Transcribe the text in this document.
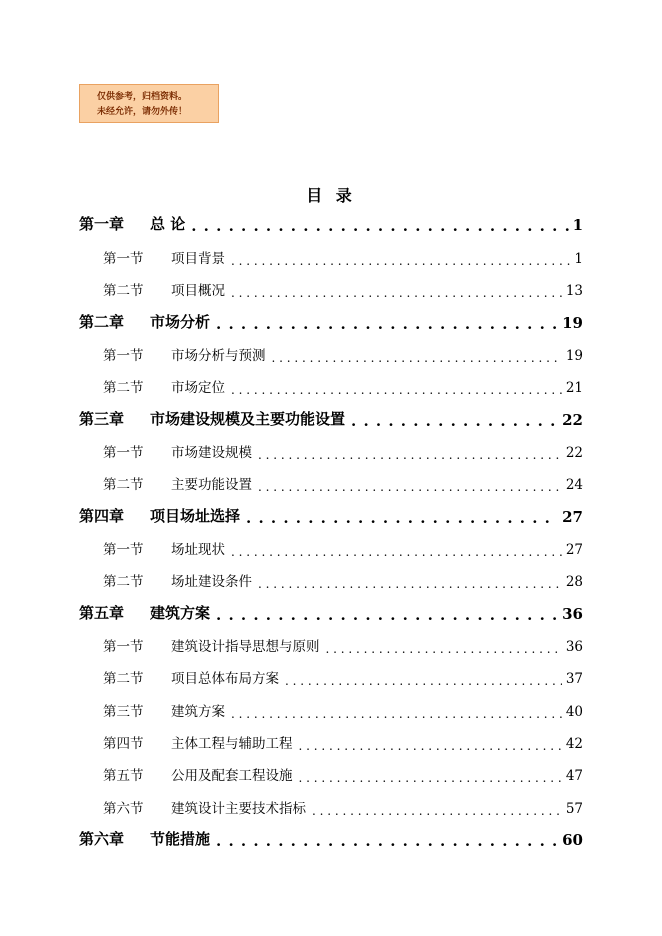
仅供参考，归档资料。
未经允许，请勿外传！
目 录
第一章 总 论 . . .	1
第一节 项目背景 . . .	1
第二节 项目概况 . . .	13
第二章 市场分析 . . .	19
第一节 市场分析与预测 . . .	19
第二节 市场定位 . . .	21
第三章 市场建设规模及主要功能设置 . . .	22
第一节 市场建设规模 . . .	22
第二节 主要功能设置 . . .	24
第四章 项目场址选择 . . .	27
第一节 场址现状 . . .	27
第二节 场址建设条件 . . .	28
第五章 建筑方案 . . .	36
第一节 建筑设计指导思想与原则 . . .	36
第二节 项目总体布局方案 . . .	37
第三节 建筑方案 . . .	40
第四节 主体工程与辅助工程 . . .	42
第五节 公用及配套工程设施 . . .	47
第六节 建筑设计主要技术指标 . . .	57
第六章 节能措施 . . .	60
